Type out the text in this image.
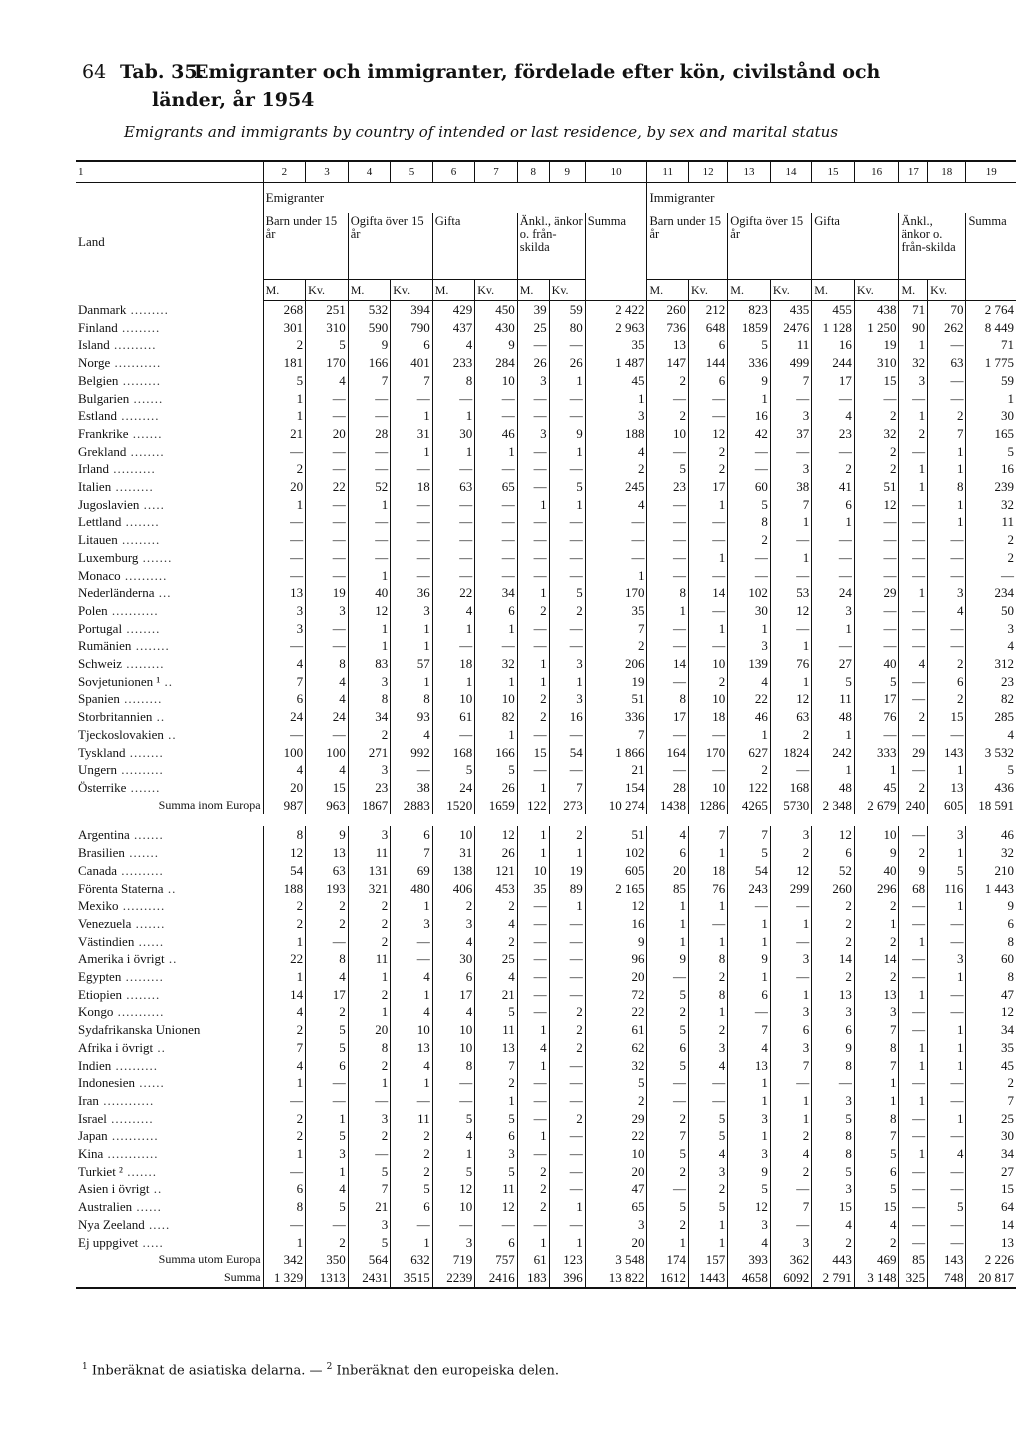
64 Tab. 35.Emigranter och immigranter, fördelade efter kön, civilstånd och
länder, år 1954
Emigrants and immigrants by country of intended or last residence, by sex and marital status
1	2	3	4	5	6	7	8	9	10	11	12	13	14	15	16	17	18	19
Land	Emigranter									Immigranter								
	Barn under 15 år		Ogifta över 15 år		Gifta		Änkl., änkor o. från-skilda		Summa	Barn under 15 år		Ogifta över 15 år		Gifta		Änkl., änkor o. från-skilda		Summa
	M.	Kv.	M.	Kv.	M.	Kv.	M.	Kv.		M.	Kv.	M.	Kv.	M.	Kv.	M.	Kv.	
Danmark .........	268	251	532	394	429	450	39	59	2 422	260	212	823	435	455	438	71	70	2 764
Finland .........	301	310	590	790	437	430	25	80	2 963	736	648	1859	2476	1 128	1 250	90	262	8 449
Island ..........	2	5	9	6	4	9	—	—	35	13	6	5	11	16	19	1	—	71
Norge ...........	181	170	166	401	233	284	26	26	1 487	147	144	336	499	244	310	32	63	1 775
Belgien .........	5	4	7	7	8	10	3	1	45	2	6	9	7	17	15	3	—	59
Bulgarien .......	1	—	—	—	—	—	—	—	1	—	—	1	—	—	—	—	—	1
Estland .........	1	—	—	1	1	—	—	—	3	2	—	16	3	4	2	1	2	30
Frankrike .......	21	20	28	31	30	46	3	9	188	10	12	42	37	23	32	2	7	165
Grekland ........	—	—	—	1	1	1	—	1	4	—	2	—	—	—	2	—	1	5
Irland ..........	2	—	—	—	—	—	—	—	2	5	2	—	3	2	2	1	1	16
Italien .........	20	22	52	18	63	65	—	5	245	23	17	60	38	41	51	1	8	239
Jugoslavien .....	1	—	1	—	—	—	1	1	4	—	1	5	7	6	12	—	1	32
Lettland ........	—	—	—	—	—	—	—	—	—	—	—	8	1	1	—	—	1	11
Litauen .........	—	—	—	—	—	—	—	—	—	—	—	2	—	—	—	—	—	2
Luxemburg .......	—	—	—	—	—	—	—	—	—	—	1	—	1	—	—	—	—	2
Monaco ..........	—	—	1	—	—	—	—	—	1	—	—	—	—	—	—	—	—	—
Nederländerna ...	13	19	40	36	22	34	1	5	170	8	14	102	53	24	29	1	3	234
Polen ...........	3	3	12	3	4	6	2	2	35	1	—	30	12	3	—	—	4	50
Portugal ........	3	—	1	1	1	1	—	—	7	—	1	1	—	1	—	—	—	3
Rumänien ........	—	—	1	1	—	—	—	—	2	—	—	3	1	—	—	—	—	4
Schweiz .........	4	8	83	57	18	32	1	3	206	14	10	139	76	27	40	4	2	312
Sovjetunionen ¹ ..	7	4	3	1	1	1	1	1	19	—	2	4	1	5	5	—	6	23
Spanien .........	6	4	8	8	10	10	2	3	51	8	10	22	12	11	17	—	2	82
Storbritannien ..	24	24	34	93	61	82	2	16	336	17	18	46	63	48	76	2	15	285
Tjeckoslovakien ..	—	—	2	4	—	1	—	—	7	—	—	1	2	1	—	—	—	4
Tyskland ........	100	100	271	992	168	166	15	54	1 866	164	170	627	1824	242	333	29	143	3 532
Ungern ..........	4	4	3	—	5	5	—	—	21	—	—	2	—	1	1	—	1	5
Österrike .......	20	15	23	38	24	26	1	7	154	28	10	122	168	48	45	2	13	436
Summa inom Europa	987	963	1867	2883	1520	1659	122	273	10 274	1438	1286	4265	5730	2 348	2 679	240	605	18 591

Argentina .......	8	9	3	6	10	12	1	2	51	4	7	7	3	12	10	—	3	46
Brasilien .......	12	13	11	7	31	26	1	1	102	6	1	5	2	6	9	2	1	32
Canada ..........	54	63	131	69	138	121	10	19	605	20	18	54	12	52	40	9	5	210
Förenta Staterna ..	188	193	321	480	406	453	35	89	2 165	85	76	243	299	260	296	68	116	1 443
Mexiko ..........	2	2	2	1	2	2	—	1	12	1	1	—	—	2	2	—	1	9
Venezuela .......	2	2	2	3	3	4	—	—	16	1	—	1	1	2	1	—	—	6
Västindien ......	1	—	2	—	4	2	—	—	9	1	1	1	—	2	2	1	—	8
Amerika i övrigt ..	22	8	11	—	30	25	—	—	96	9	8	9	3	14	14	—	3	60
Egypten .........	1	4	1	4	6	4	—	—	20	—	2	1	—	2	2	—	1	8
Etiopien ........	14	17	2	1	17	21	—	—	72	5	8	6	1	13	13	1	—	47
Kongo ...........	4	2	1	4	4	5	—	2	22	2	1	—	3	3	3	—	—	12
Sydafrikanska Unionen	2	5	20	10	10	11	1	2	61	5	2	7	6	6	7	—	1	34
Afrika i övrigt ..	7	5	8	13	10	13	4	2	62	6	3	4	3	9	8	1	1	35
Indien ..........	4	6	2	4	8	7	1	—	32	5	4	13	7	8	7	1	1	45
Indonesien ......	1	—	1	1	—	2	—	—	5	—	—	1	—	—	1	—	—	2
Iran ............	—	—	—	—	—	1	—	—	2	—	—	1	1	3	1	1	—	7
Israel ..........	2	1	3	11	5	5	—	2	29	2	5	3	1	5	8	—	1	25
Japan ...........	2	5	2	2	4	6	1	—	22	7	5	1	2	8	7	—	—	30
Kina ............	1	3	—	2	1	3	—	—	10	5	4	3	4	8	5	1	4	34
Turkiet ² .......	—	1	5	2	5	5	2	—	20	2	3	9	2	5	6	—	—	27
Asien i övrigt ..	6	4	7	5	12	11	2	—	47	—	2	5	—	3	5	—	—	15
Australien ......	8	5	21	6	10	12	2	1	65	5	5	12	7	15	15	—	5	64
Nya Zeeland .....	—	—	3	—	—	—	—	—	3	2	1	3	—	4	4	—	—	14
Ej uppgivet .....	1	2	5	1	3	6	1	1	20	1	1	4	3	2	2	—	—	13
Summa utom Europa	342	350	564	632	719	757	61	123	3 548	174	157	393	362	443	469	85	143	2 226
Summa	1 329	1313	2431	3515	2239	2416	183	396	13 822	1612	1443	4658	6092	2 791	3 148	325	748	20 817
$^1$ Inberäknat de asiatiska delarna. — $^2$ Inberäknat den europeiska delen.
